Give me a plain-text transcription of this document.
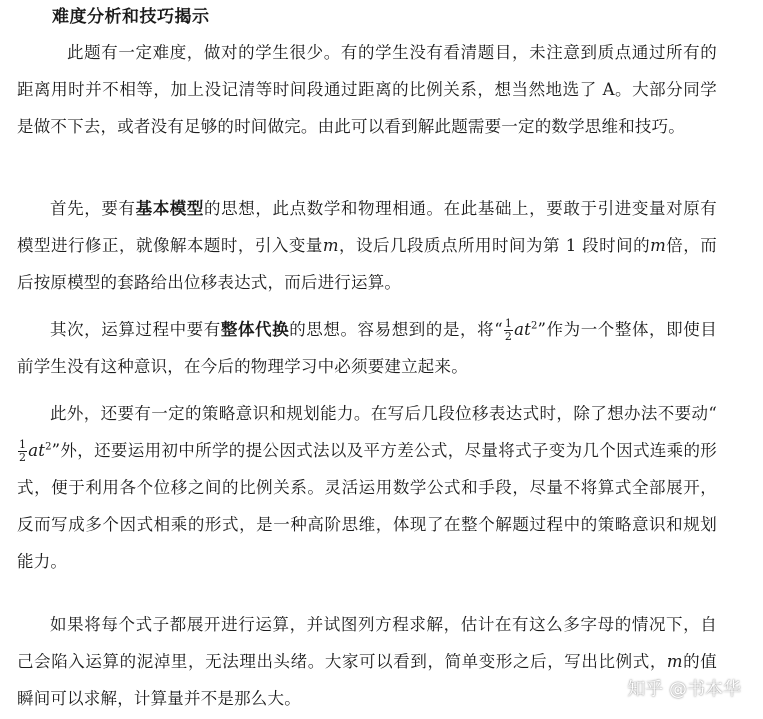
难度分析和技巧揭示
此题有一定难度，做对的学生很少。有的学生没有看清题目，未注意到质点通过所有的距离用时并不相等，加上没记清等时间段通过距离的比例关系，想当然地选了 A。大部分同学是做不下去，或者没有足够的时间做完。由此可以看到解此题需要一定的数学思维和技巧。
首先，要有基本模型的思想，此点数学和物理相通。在此基础上，要敢于引进变量对原有模型进行修正，就像解本题时，引入变量m，设后几段质点所用时间为第 1 段时间的m倍，而后按原模型的套路给出位移表达式，而后进行运算。
其次，运算过程中要有整体代换的思想。容易想到的是，将“ $\frac{1}{2} at^2$”作为一个整体，即使目前学生没有这种意识，在今后的物理学习中必须要建立起来。
此外，还要有一定的策略意识和规划能力。在写后几段位移表达式时，除了想办法不要动“
$\frac{1}{2} at^2$”外，还要运用初中所学的提公因式法以及平方差公式，尽量将式子变为几个因式连乘的形式，便于利用各个位移之间的比例关系。灵活运用数学公式和手段，尽量不将算式全部展开，反而写成多个因式相乘的形式，是一种高阶思维，体现了在整个解题过程中的策略意识和规划能力。
如果将每个式子都展开进行运算，并试图列方程求解，估计在有这么多字母的情况下，自己会陷入运算的泥淖里，无法理出头绪。大家可以看到，简单变形之后，写出比例式，m的值瞬间可以求解，计算量并不是那么大。	知乎 @书本华
